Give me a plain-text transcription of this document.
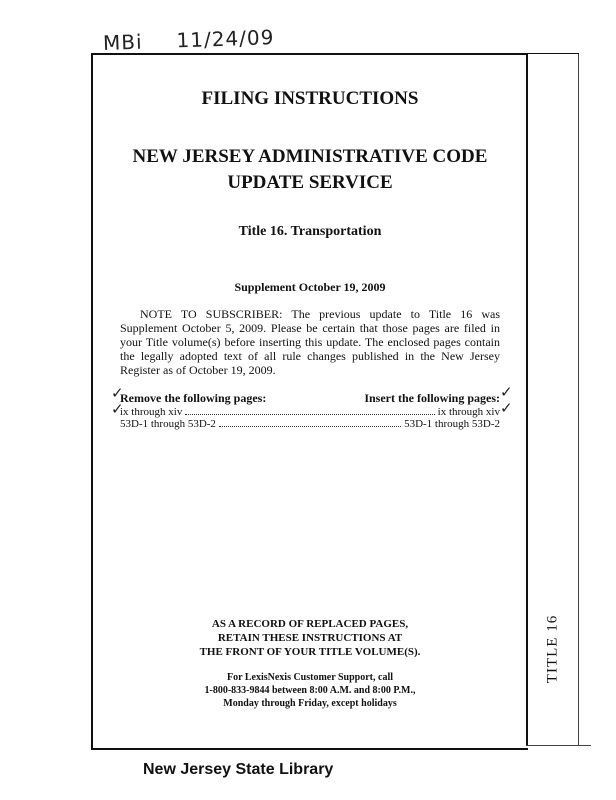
MBi 11/24/09
TITLE 16

FILING INSTRUCTIONS

NEW JERSEY ADMINISTRATIVE CODE

UPDATE SERVICE

Title 16. Transportation

Supplement October 19, 2009

NOTE TO SUBSCRIBER: The previous update to Title 16 was Supplement October 5, 2009. Please be certain that those pages are filed in your Title volume(s) before inserting this update. The enclosed pages contain the legally adopted text of all rule changes published in the New Jersey Register as of October 19, 2009.

Remove the following pages:	Insert the following pages:
ix through xiv	ix through xiv
53D-1 through 53D-2	53D-1 through 53D-2
✓
✓
✓
✓
AS A RECORD OF REPLACED PAGES,
RETAIN THESE INSTRUCTIONS AT
THE FRONT OF YOUR TITLE VOLUME(S).
For LexisNexis Customer Support, call
1-800-833-9844 between 8:00 A.M. and 8:00 P.M.,
Monday through Friday, except holidays
New Jersey State Library
